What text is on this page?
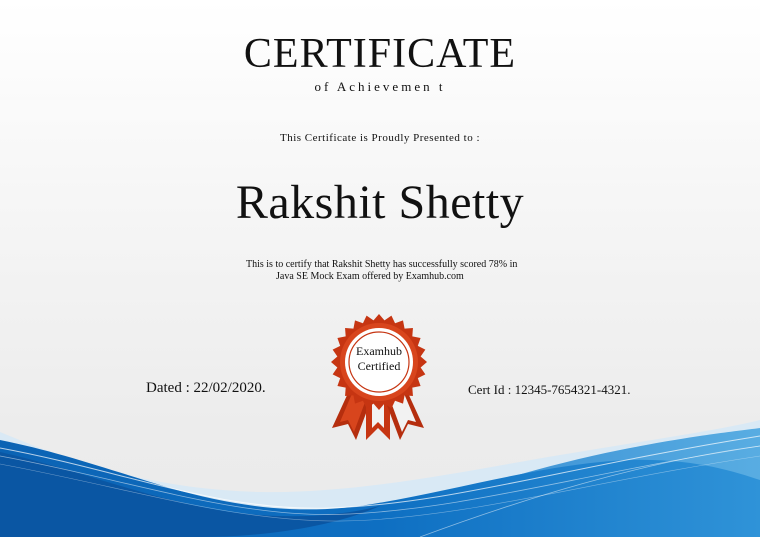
CERTIFICATE
of Achievemen t
This Certificate is Proudly Presented to :
Rakshit Shetty
This is to certify that Rakshit Shetty has successfully scored 78% in
Java SE Mock Exam offered by Examhub.com
Dated : 22/02/2020.	Cert Id : 12345-7654321-4321.
Examhub
Certified
